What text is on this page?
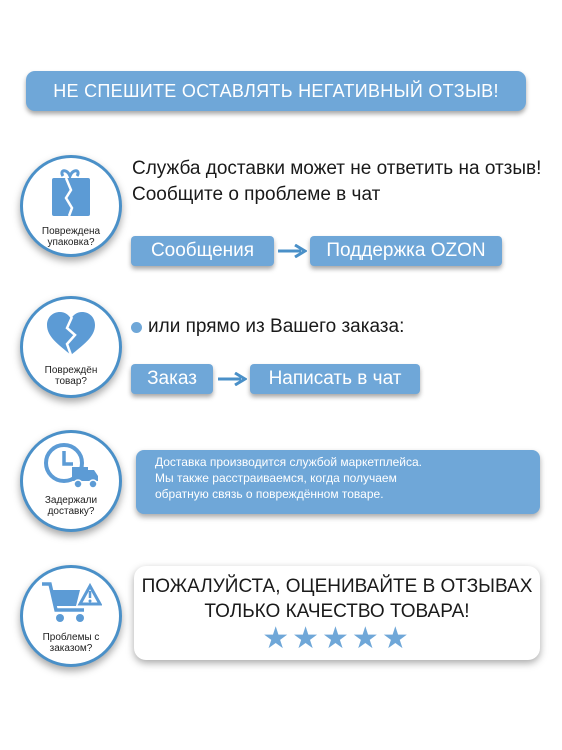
НЕ СПЕШИТЕ ОСТАВЛЯТЬ НЕГАТИВНЫЙ ОТЗЫВ!
Повреждена
упаковка?
Служба доставки может не ответить на отзыв!
Сообщите о проблеме в чат
Сообщения	Поддержка OZON
Повреждён
товар?
или прямо из Вашего заказа:
Заказ	Написать в чат
Задержали
доставку?
Доставка производится службой маркетплейса.
Мы также расстраиваемся, когда получаем
обратную связь о повреждённом товаре.
Проблемы с
заказом?
ПОЖАЛУЙСТА, ОЦЕНИВАЙТЕ В ОТЗЫВАХ
ТОЛЬКО КАЧЕСТВО ТОВАРА!
★★★★★
